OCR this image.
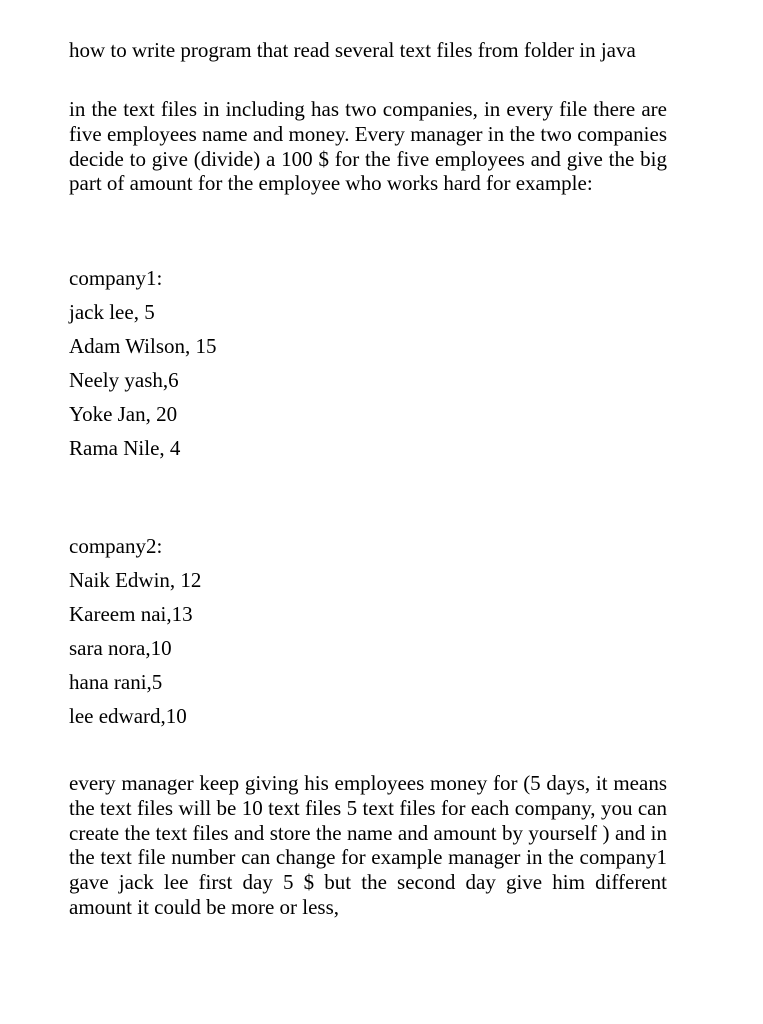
how to write program that read several text files from folder in java

in the text files in including has two companies, in every file there are five employees name and money. Every manager in the two companies decide to give (divide) a 100 $ for the five employees and give the big part of amount for the employee who works hard for example:

company1:

jack lee, 5

Adam Wilson, 15

Neely yash,6

Yoke Jan, 20

Rama Nile, 4

company2:

Naik Edwin, 12

Kareem nai,13

sara nora,10

hana rani,5

lee edward,10

every manager keep giving his employees money for (5 days, it means the text files will be 10 text files 5 text files for each company, you can create the text files and store the name and amount by yourself ) and in the text file number can change for example manager in the company1 gave jack lee first day 5 $ but the second day give him different amount it could be more or less,
